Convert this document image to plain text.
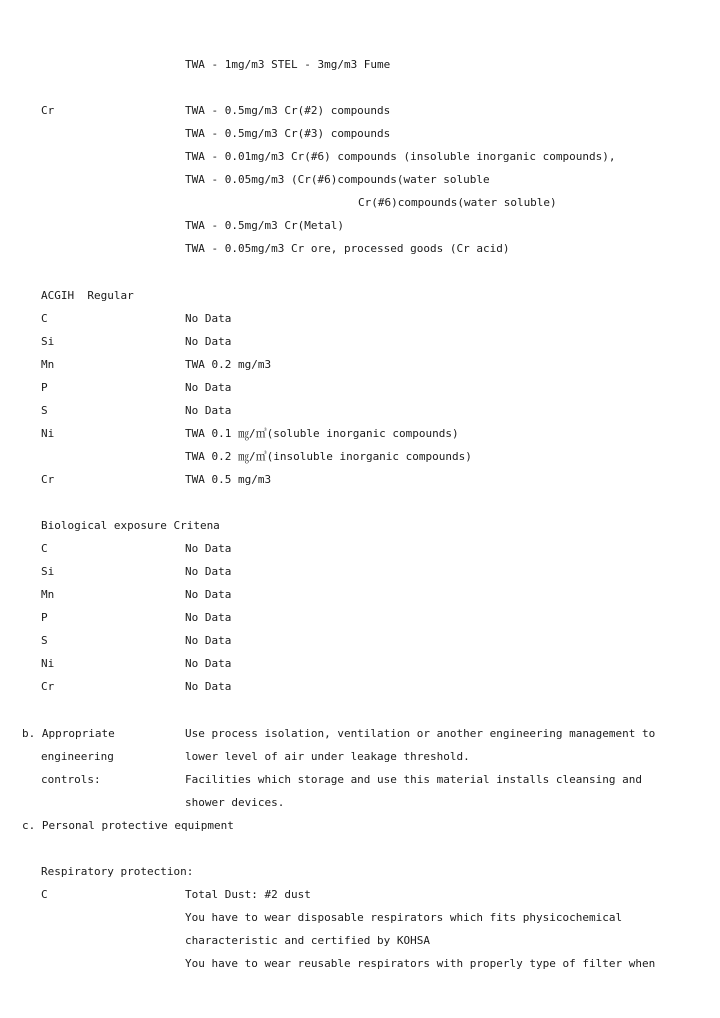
TWA - 1mg/m3 STEL - 3mg/m3 Fume
Cr	TWA - 0.5mg/m3 Cr(#2) compounds
TWA - 0.5mg/m3 Cr(#3) compounds
TWA - 0.01mg/m3 Cr(#6) compounds (insoluble inorganic compounds),
TWA - 0.05mg/m3 (Cr(#6)compounds(water soluble
Cr(#6)compounds(water soluble)
TWA - 0.5mg/m3 Cr(Metal)
TWA - 0.05mg/m3 Cr ore, processed goods (Cr acid)
ACGIH  Regular
C	No Data
Si	No Data
Mn	TWA 0.2 mg/m3
P	No Data
S	No Data
Ni	TWA 0.1 ㎎/㎥(soluble inorganic compounds)
TWA 0.2 ㎎/㎥(insoluble inorganic compounds)
Cr	TWA 0.5 mg/m3
Biological exposure Critena
C	No Data
Si	No Data
Mn	No Data
P	No Data
S	No Data
Ni	No Data
Cr	No Data
b. Appropriate	Use process isolation, ventilation or another engineering management to
engineering	lower level of air under leakage threshold.
controls:	Facilities which storage and use this material installs cleansing and
shower devices.
c. Personal protective equipment
Respiratory protection:
C	Total Dust: #2 dust
You have to wear disposable respirators which fits physicochemical
characteristic and certified by KOHSA
You have to wear reusable respirators with properly type of filter when
